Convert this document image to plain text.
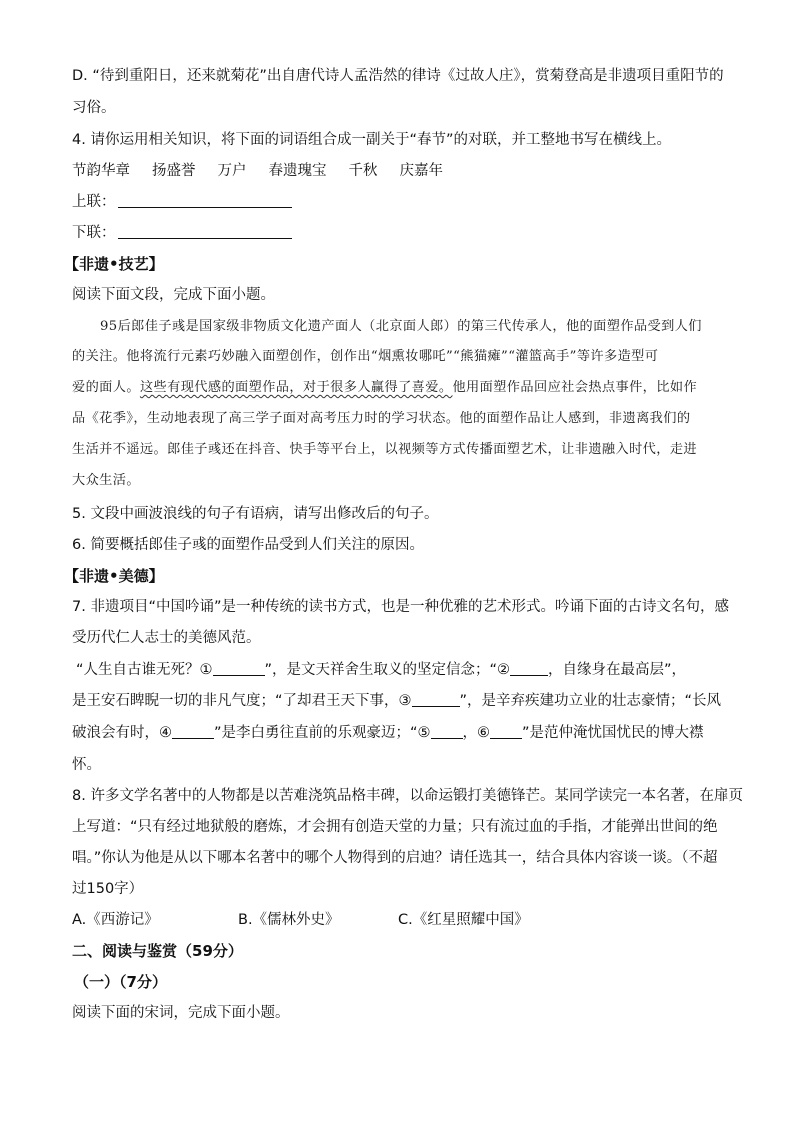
D. “待到重阳日，还来就菊花”出自唐代诗人孟浩然的律诗《过故人庄》，赏菊登高是非遗项目重阳节的
习俗。
4. 请你运用相关知识，将下面的词语组合成一副关于“春节”的对联，并工整地书写在横线上。
节韵华章 扬盛誉 万户 春遗瑰宝 千秋 庆嘉年
上联：
下联：
【非遗•技艺】
阅读下面文段，完成下面小题。
95后郎佳子彧是国家级非物质文化遗产面人（北京面人郎）的第三代传承人，他的面塑作品受到人们
的关注。他将流行元素巧妙融入面塑创作，创作出“烟熏妆哪吒”“熊猫瘫”“灌篮高手”等许多造型可
爱的面人。这些有现代感的面塑作品，对于很多人赢得了喜爱。他用面塑作品回应社会热点事件，比如作
品《花季》，生动地表现了高三学子面对高考压力时的学习状态。他的面塑作品让人感到，非遗离我们的
生活并不遥远。郎佳子彧还在抖音、快手等平台上，以视频等方式传播面塑艺术，让非遗融入时代，走进
大众生活。
5. 文段中画波浪线的句子有语病，请写出修改后的句子。
6. 简要概括郎佳子彧的面塑作品受到人们关注的原因。
【非遗•美德】
7. 非遗项目“中国吟诵”是一种传统的读书方式，也是一种优雅的艺术形式。吟诵下面的古诗文名句，感
受历代仁人志士的美德风范。
“人生自古谁无死？①	”，是文天祥舍生取义的坚定信念；“②	，自缘身在最高层”，
是王安石睥睨一切的非凡气度；“了却君王天下事，③	”，是辛弃疾建功立业的壮志豪情；“长风
破浪会有时，④	”是李白勇往直前的乐观豪迈；“⑤ ，⑥ ”是范仲淹忧国忧民的博大襟
怀。
8. 许多文学名著中的人物都是以苦难浇筑品格丰碑，以命运锻打美德锋芒。某同学读完一本名著，在扉页
上写道：“只有经过地狱般的磨炼，才会拥有创造天堂的力量；只有流过血的手指，才能弹出世间的绝
唱。”你认为他是从以下哪本名著中的哪个人物得到的启迪？请任选其一，结合具体内容谈一谈。（不超
过150字）
A.《西游记》	B.《儒林外史》	C.《红星照耀中国》
二、阅读与鉴赏（59分）
（一）（7分）
阅读下面的宋词，完成下面小题。
